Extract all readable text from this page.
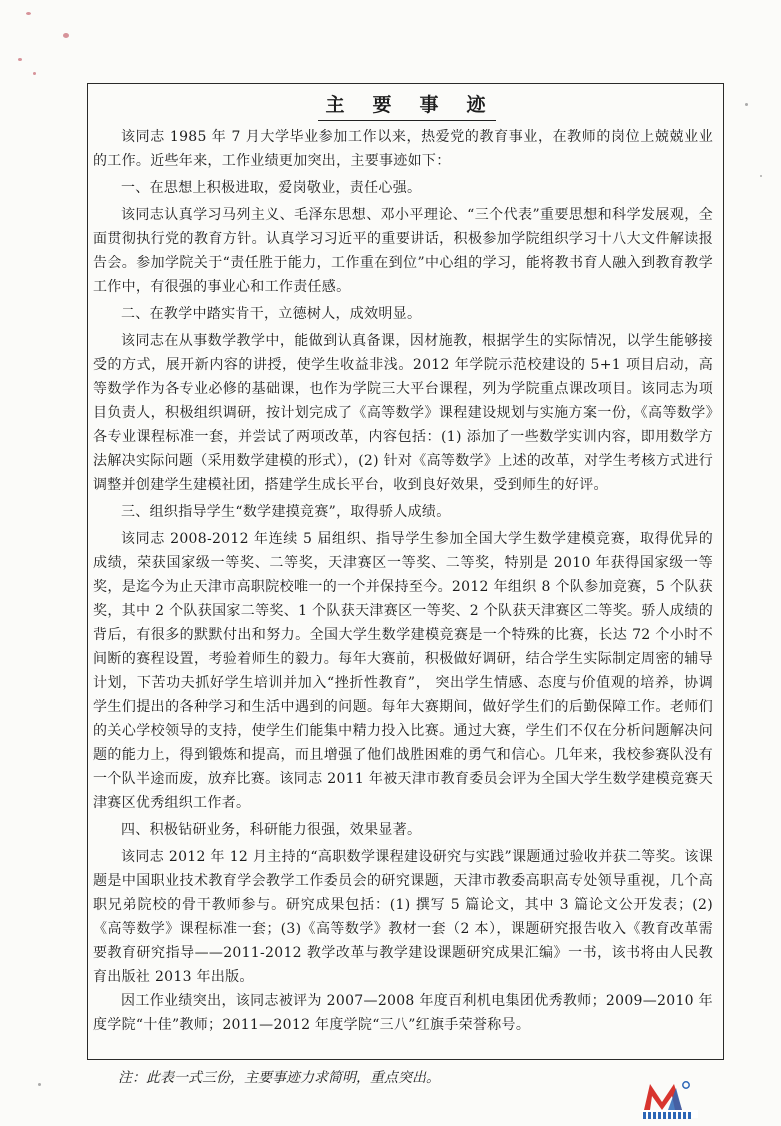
主要事迹

该同志 1985 年 7 月大学毕业参加工作以来，热爱党的教育事业，在教师的岗位上兢兢业业的工作。近些年来，工作业绩更加突出，主要事迹如下：

一、在思想上积极进取，爱岗敬业，责任心强。

该同志认真学习马列主义、毛泽东思想、邓小平理论、“三个代表”重要思想和科学发展观，全面贯彻执行党的教育方针。认真学习习近平的重要讲话，积极参加学院组织学习十八大文件解读报告会。参加学院关于“责任胜于能力，工作重在到位”中心组的学习，能将教书育人融入到教育教学工作中，有很强的事业心和工作责任感。

二、在教学中踏实肯干，立德树人，成效明显。

该同志在从事数学教学中，能做到认真备课，因材施教，根据学生的实际情况，以学生能够接受的方式，展开新内容的讲授，使学生收益非浅。2012 年学院示范校建设的 5+1 项目启动，高等数学作为各专业必修的基础课，也作为学院三大平台课程，列为学院重点课改项目。该同志为项目负责人，积极组织调研，按计划完成了《高等数学》课程建设规划与实施方案一份，《高等数学》各专业课程标准一套，并尝试了两项改革，内容包括：(1) 添加了一些数学实训内容，即用数学方法解决实际问题（采用数学建模的形式），(2) 针对《高等数学》上述的改革，对学生考核方式进行调整并创建学生建模社团，搭建学生成长平台，收到良好效果，受到师生的好评。

三、组织指导学生“数学建摸竞赛”，取得骄人成绩。

该同志 2008-2012 年连续 5 届组织、指导学生参加全国大学生数学建模竞赛，取得优异的成绩，荣获国家级一等奖、二等奖，天津赛区一等奖、二等奖，特别是 2010 年获得国家级一等奖，是迄今为止天津市高职院校唯一的一个并保持至今。2012 年组织 8 个队参加竞赛，5 个队获奖，其中 2 个队获国家二等奖、1 个队获天津赛区一等奖、2 个队获天津赛区二等奖。骄人成绩的背后，有很多的默默付出和努力。全国大学生数学建模竞赛是一个特殊的比赛，长达 72 个小时不间断的赛程设置，考验着师生的毅力。每年大赛前，积极做好调研，结合学生实际制定周密的辅导计划，下苦功夫抓好学生培训并加入“挫折性教育”， 突出学生情感、态度与价值观的培养，协调学生们提出的各种学习和生活中遇到的问题。每年大赛期间，做好学生们的后勤保障工作。老师们的关心学校领导的支持，使学生们能集中精力投入比赛。通过大赛，学生们不仅在分析问题解决问题的能力上，得到锻炼和提高，而且增强了他们战胜困难的勇气和信心。几年来，我校参赛队没有一个队半途而废，放弃比赛。该同志 2011 年被天津市教育委员会评为全国大学生数学建模竞赛天津赛区优秀组织工作者。

四、积极钻研业务，科研能力很强，效果显著。

该同志 2012 年 12 月主持的“高职数学课程建设研究与实践”课题通过验收并获二等奖。该课题是中国职业技术教育学会教学工作委员会的研究课题，天津市教委高职高专处领导重视，几个高职兄弟院校的骨干教师参与。研究成果包括：(1) 撰写 5 篇论文，其中 3 篇论文公开发表；(2)《高等数学》课程标准一套；(3)《高等数学》教材一套（2 本），课题研究报告收入《教育改革需要教育研究指导——2011-2012 教学改革与教学建设课题研究成果汇编》一书，该书将由人民教育出版社 2013 年出版。

因工作业绩突出，该同志被评为 2007—2008 年度百利机电集团优秀教师；2009—2010 年度学院“十佳”教师；2011—2012 年度学院“三八”红旗手荣誉称号。

注：此表一式三份，主要事迹力求简明，重点突出。
